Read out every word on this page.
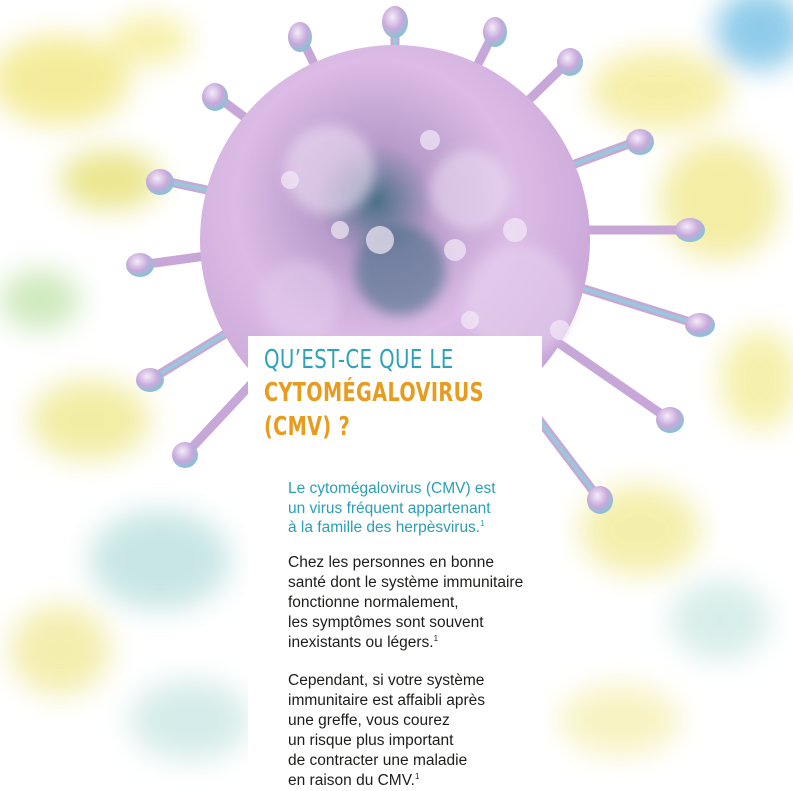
QU’EST-CE QUE LE
CYTOMÉGALOVIRUS
(CMV) ?

Le cytomégalovirus (CMV) est
un virus fréquent appartenant
à la famille des herpèsvirus.$^1$

Chez les personnes en bonne
santé dont le système immunitaire
fonctionne normalement,
les symptômes sont souvent
inexistants ou légers.$^1$

Cependant, si votre système
immunitaire est affaibli après
une greffe, vous courez
un risque plus important
de contracter une maladie
en raison du CMV.$^1$
